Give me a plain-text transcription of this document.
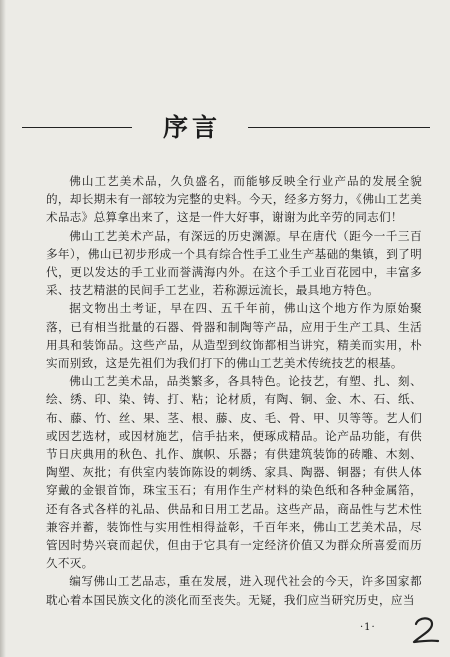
序言

佛山工艺美术品，久负盛名，而能够反映全行业产品的发展全貌的，却长期未有一部较为完整的史料。今天，经多方努力，《佛山工艺美术品志》总算拿出来了，这是一件大好事，谢谢为此辛劳的同志们！

佛山工艺美术产品，有深远的历史渊源。早在唐代（距今一千三百多年），佛山已初步形成一个具有综合性手工业生产基础的集镇，到了明代，更以发达的手工业而誉满海内外。在这个手工业百花园中，丰富多采、技艺精湛的民间手工艺业，若称源远流长，最具地方特色。

据文物出土考证，早在四、五千年前，佛山这个地方作为原始聚落，已有相当批量的石器、骨器和制陶等产品，应用于生产工具、生活用具和装饰品。这些产品，从造型到纹饰都相当讲究，精美而实用，朴实而别致，这是先祖们为我们打下的佛山工艺美术传统技艺的根基。

佛山工艺美术品，品类繁多，各具特色。论技艺，有塑、扎、刻、绘、绣、印、染、铸、打、粘；论材质，有陶、铜、金、木、石、纸、布、藤、竹、丝、果、茎、根、藤、皮、毛、骨、甲、贝等等。艺人们或因艺选材，或因材施艺，信手拈来，便琢成精品。论产品功能，有供节日庆典用的秋色、扎作、旗帜、乐器；有供建筑装饰的砖雕、木刻、陶塑、灰批；有供室内装饰陈设的刺绣、家具、陶器、铜器；有供人体穿戴的金银首饰，珠宝玉石；有用作生产材料的染色纸和各种金属箔，还有各式各样的礼品、供品和日用工艺品。这些产品，商品性与艺术性兼容并蓄，装饰性与实用性相得益彰，千百年来，佛山工艺美术品，尽管因时势兴衰而起伏，但由于它具有一定经济价值又为群众所喜爱而历久不灭。

编写佛山工艺品志，重在发展，进入现代社会的今天，许多国家都耽心着本国民族文化的淡化而至丧失。无疑，我们应当研究历史，应当

·1·
